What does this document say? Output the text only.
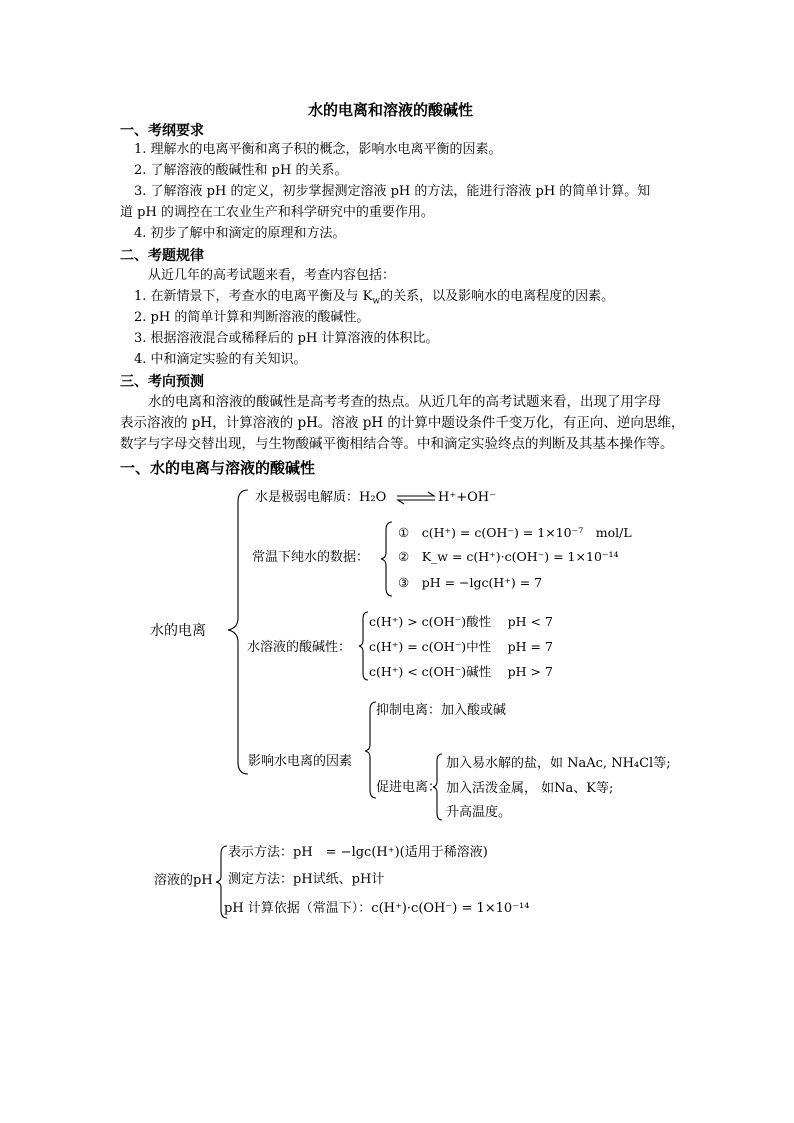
水的电离和溶液的酸碱性
一、考纲要求
1. 理解水的电离平衡和离子积的概念，影响水电离平衡的因素。
2. 了解溶液的酸碱性和 pH 的关系。
3. 了解溶液 pH 的定义，初步掌握测定溶液 pH 的方法，能进行溶液 pH 的简单计算。知
道 pH 的调控在工农业生产和科学研究中的重要作用。
4. 初步了解中和滴定的原理和方法。
二、考题规律
从近几年的高考试题来看，考查内容包括：
1. 在新情景下，考查水的电离平衡及与 $K_w$的关系，以及影响水的电离程度的因素。
2. pH 的简单计算和判断溶液的酸碱性。
3. 根据溶液混合或稀释后的 pH 计算溶液的体积比。
4. 中和滴定实验的有关知识。
三、考向预测
水的电离和溶液的酸碱性是高考考查的热点。从近几年的高考试题来看，出现了用字母
表示溶液的 pH，计算溶液的 pH。溶液 pH 的计算中题设条件千变万化，有正向、逆向思维，
数字与字母交替出现，与生物酸碱平衡相结合等。中和滴定实验终点的判断及其基本操作等。
一、水的电离与溶液的酸碱性
水的电离
水是极弱电解质：H₂O ⇌ H⁺+OH⁻
常温下纯水的数据：
①　c(H⁺) = c(OH⁻) = 1×10⁻⁷　mol/L
②　K_w = c(H⁺)·c(OH⁻) = 1×10⁻¹⁴
③　pH = −lgc(H⁺) = 7
水溶液的酸碱性：
c(H⁺) > c(OH⁻)酸性　 pH < 7
c(H⁺) = c(OH⁻)中性　 pH = 7
c(H⁺) < c(OH⁻)碱性　 pH > 7
影响水电离的因素
抑制电离：加入酸或碱
促进电离：
加入易水解的盐，如 NaAc, NH₄Cl等;
加入活泼金属， 如Na、K等;
升高温度。
溶液的pH
表示方法：pH　= −lgc(H⁺)(适用于稀溶液)
测定方法：pH试纸、pH计
pH 计算依据（常温下）：c(H⁺)·c(OH⁻) = 1×10⁻¹⁴
